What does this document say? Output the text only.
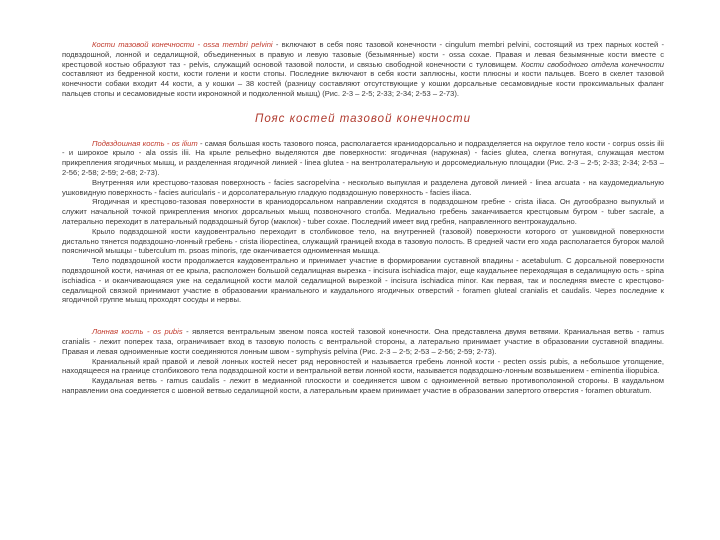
Кости тазовой конечности - ossa membri pelvini - включают в себя пояс тазовой конечности - cingulum membri pelvini, состоящий из трех парных костей - подвздошной, лонной и седалищной, объединенных в правую и левую тазовые (безымянные) кости - ossa coxae. Правая и левая безымянные кости вместе с крестцовой костью образуют таз - pelvis, служащий основой тазовой полости, и связью свободной конечности с туловищем. Кости свободного отдела конечности составляют из бедренной кости, кости голени и кости стопы. Последние включают в себя кости заплюсны, кости плюсны и кости пальцев. Всего в скелет тазовой конечности собаки входит 44 кости, а у кошки – 38 костей (разницу составляют отсутствующие у кошки дорсальные сесамовидные кости проксимальных фаланг пальцев стопы и сесамовидные кости икроножной и подколенной мышц) (Рис. 2-3 – 2-5; 2-33; 2-34; 2-53 – 2-73).

Пояс костей тазовой конечности

Подвздошная кость - os ilium - самая большая кость тазового пояса, располагается краниодорсально и подразделяется на округлое тело кости - corpus ossis ilii - и широкое крыло - ala ossis ilii. На крыле рельефно выделяются две поверхности: ягодичная (наружная) - facies glutea, слегка вогнутая, служащая местом прикрепления ягодичных мышц, и разделенная ягодичной линией - linea glutea - на вентролатеральную и дорсомедиальную площадки (Рис. 2-3 – 2-5; 2-33; 2-34; 2-53 – 2-56; 2-58; 2-59; 2-68; 2-73).

Внутренняя или крестцово-тазовая поверхность - facies sacropelvina - несколько выпуклая и разделена дуговой линией - linea arcuata - на каудомедиальную ушковидную поверхность - facies auricularis - и дорсолатеральную гладкую подвздошную поверхность - facies iliaca.

Ягодичная и крестцово-тазовая поверхности в краниодорсальном направлении сходятся в подвздошном гребне - crista iliaca. Он дугообразно выпуклый и служит начальной точкой прикрепления многих дорсальных мышц позвоночного столба. Медиально гребень заканчивается крестцовым бугром - tuber sacrale, а латерально переходит в латеральный подвздошный бугор (маклок) - tuber coxae. Последний имеет вид гребня, направленного вентрокаудально.

Крыло подвздошной кости каудовентрально переходит в столбиковое тело, на внутренней (тазовой) поверхности которого от ушковидной поверхности дистально тянется подвздошно-лонный гребень - crista iliopectinea, служащий границей входа в тазовую полость. В средней части его хода располагается бугорок малой поясничной мышцы - tuberculum m. psoas minoris, где оканчивается одноименная мышца.

Тело подвздошной кости продолжается каудовентрально и принимает участие в формировании суставной впадины - acetabulum. С дорсальной поверхности подвздошной кости, начиная от ее крыла, расположен большой седалищная вырезка - incisura ischiadica major, еще каудальнее переходящая в седалищную ость - spina ischiadica - и оканчивающаяся уже на седалищной кости малой седалищной вырезкой - incisura ischiadica minor. Как первая, так и последняя вместе с крестцово-седалищной связкой принимают участие в образовании краниального и каудального ягодичных отверстий - foramen gluteal cranialis et caudalis. Через последние к ягодичной группе мышц проходят сосуды и нервы.

Лонная кость - os pubis - является вентральным звеном пояса костей тазовой конечности. Она представлена двумя ветвями. Краниальная ветвь - ramus cranialis - лежит поперек таза, ограничивает вход в тазовую полость с вентральной стороны, а латерально принимает участие в образовании суставной впадины. Правая и левая одноименные кости соединяются лонным швом - symphysis pelvina (Рис. 2-3 – 2-5; 2-53 – 2-56; 2-59; 2-73).

Краниальный край правой и левой лонных костей несет ряд неровностей и называется гребень лонной кости - pecten ossis pubis, а небольшое утолщение, находящееся на границе столбикового тела подвздошной кости и вентральной ветви лонной кости, называется подвздошно-лонным возвышением - eminentia iliopubica.

Каудальная ветвь - ramus caudalis - лежит в медианной плоскости и соединяется швом с одноименной ветвью противоположной стороны. В каудальном направлении она соединяется с шовной ветвью седалищной кости, а латеральным краем принимает участие в образовании запертого отверстия - foramen obturatum.
